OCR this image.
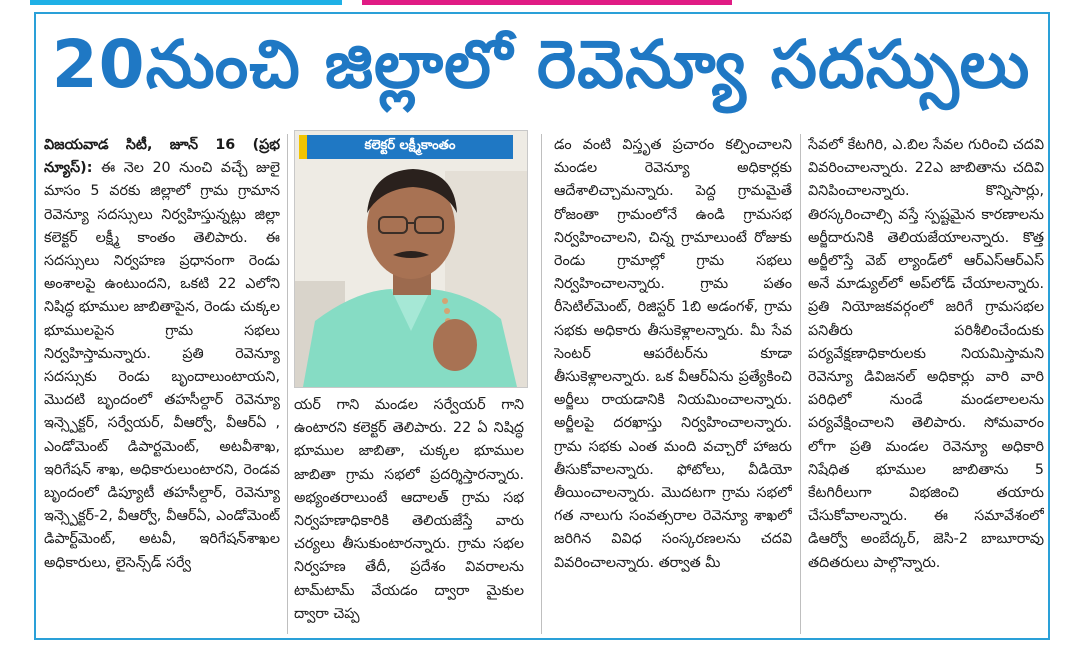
20నుంచి జిల్లాలో రెవెన్యూ సదస్సులు

విజయవాడ సిటీ, జూన్ 16 (ప్రభ న్యూస్): ఈ నెల 20 నుంచి వచ్చే జులై మాసం 5 వరకు జిల్లాలో గ్రామ గ్రామాన రెవెన్యూ సదస్సులు నిర్వహిస్తున్నట్లు జిల్లా కలెక్టర్ లక్ష్మీ కాంతం తెలిపారు. ఈ సదస్సులు నిర్వహణ ప్రధానంగా రెండు అంశాలపై ఉంటుందని, ఒకటి 22 ఎలోని నిషిద్ధ భూముల జాబితాపైన, రెండు చుక్కల భూములపైన గ్రామ సభలు నిర్వహిస్తామన్నారు. ప్రతి రెవెన్యూ సదస్సుకు రెండు బృందాలుంటాయని, మొదటి బృందంలో తహసీల్దార్ రెవెన్యూ ఇన్స్పెక్టర్, సర్వేయర్, వీఆర్వో, వీఆర్ఏ , ఎండోమెంట్ డిపార్టమెంట్, అటవీశాఖ, ఇరిగేషన్ శాఖ, అధికారులుంటారని, రెండవ బృందంలో డిప్యూటీ తహసీల్దార్, రెవెన్యూ ఇన్స్పెక్టర్-2, వీఆర్వో, వీఆర్ఏ, ఎండోమెంట్ డిపార్ట్‌మెంట్, అటవీ, ఇరిగేషన్‌శాఖల అధికారులు, లైసెన్స్‌డ్ సర్వే

కలెక్టర్ లక్ష్మీకాంతం

యర్ గాని మండల సర్వేయర్ గాని ఉంటారని కలెక్టర్ తెలిపారు. 22 ఏ నిషిద్ధ భూముల జాబితా, చుక్కల భూముల జాబితా గ్రామ సభలో ప్రదర్శిస్తారన్నారు. అభ్యంతరాలుంటే ఆదాలత్ గ్రామ సభ నిర్వహణాధికారికి తెలియజేస్తే వారు చర్యలు తీసుకుంటారన్నారు. గ్రామ సభల నిర్వహణ తేదీ, ప్రదేశం వివరాలను టామ్‌టామ్ వేయడం ద్వారా మైకుల ద్వారా చెప్ప

డం వంటి విస్తృత ప్రచారం కల్పించాలని మండల రెవెన్యూ అధికార్లకు ఆదేశాలిచ్చామన్నారు. పెద్ద గ్రామమైతే రోజంతా గ్రామంలోనే ఉండి గ్రామసభ నిర్వహించాలని, చిన్న గ్రామాలుంటే రోజుకు రెండు గ్రామాల్లో గ్రామ సభలు నిర్వహించాలన్నారు. గ్రామ పతం రీసెటిల్‌మెంట్, రిజిస్టర్ 1బి అడంగళ్, గ్రామ సభకు అధికారు తీసుకెళ్లాలన్నారు. మీ సేవ సెంటర్ ఆపరేటర్‌ను కూడా తీసుకెళ్లాలన్నారు. ఒక వీఆర్ఏను ప్రత్యేకించి అర్జీలు రాయడానికి నియమించాలన్నారు. అర్జీలపై దరఖాస్తు నిర్వహించాలన్నారు. గ్రామ సభకు ఎంత మంది వచ్చారో హాజరు తీసుకోవాలన్నారు. ఫోటోలు, వీడియో తీయించాలన్నారు. మొదటగా గ్రామ సభలో గత నాలుగు సంవత్సరాల రెవెన్యూ శాఖలో జరిగిన వివిధ సంస్కరణలను చదవి వివరించాలన్నారు. తర్వాత మీ

సేవలో కేటగిరి, ఎ.బిల సేవల గురించి చదవి వివరించాలన్నారు. 22ఎ జాబితాను చదివి వినిపించాలన్నారు. కొన్నిసార్లు, తిరస్కరించాల్సి వస్తే స్పష్టమైన కారణాలను అర్జీదారునికి తెలియజేయాలన్నారు. కొత్త అర్జీలొస్తే వెబ్ ల్యాండ్‌లో ఆర్ఎస్ఆర్ఎస్ అనే మాడ్యుల్‌లో అప్‌లోడ్ చేయాలన్నారు. ప్రతి నియోజకవర్గంలో జరిగే గ్రామసభల పనితీరు పరిశీలించేందుకు పర్యవేక్షణాధికారులకు నియమిస్తామని రెవెన్యూ డివిజనల్ అధికార్లు వారి వారి పరిధిలో నుండే మండలాలలను పర్యవేక్షించాలని తెలిపారు. సోమవారం లోగా ప్రతి మండల రెవెన్యూ అధికారి నిషేధిత భూముల జాబితాను 5 కేటగిరీలుగా విభజించి తయారు చేసుకోవాలన్నారు. ఈ సమావేశంలో డిఆర్వో అంబేద్కర్, జెసి-2 బాబూరావు తదితరులు పాల్గొన్నారు.
